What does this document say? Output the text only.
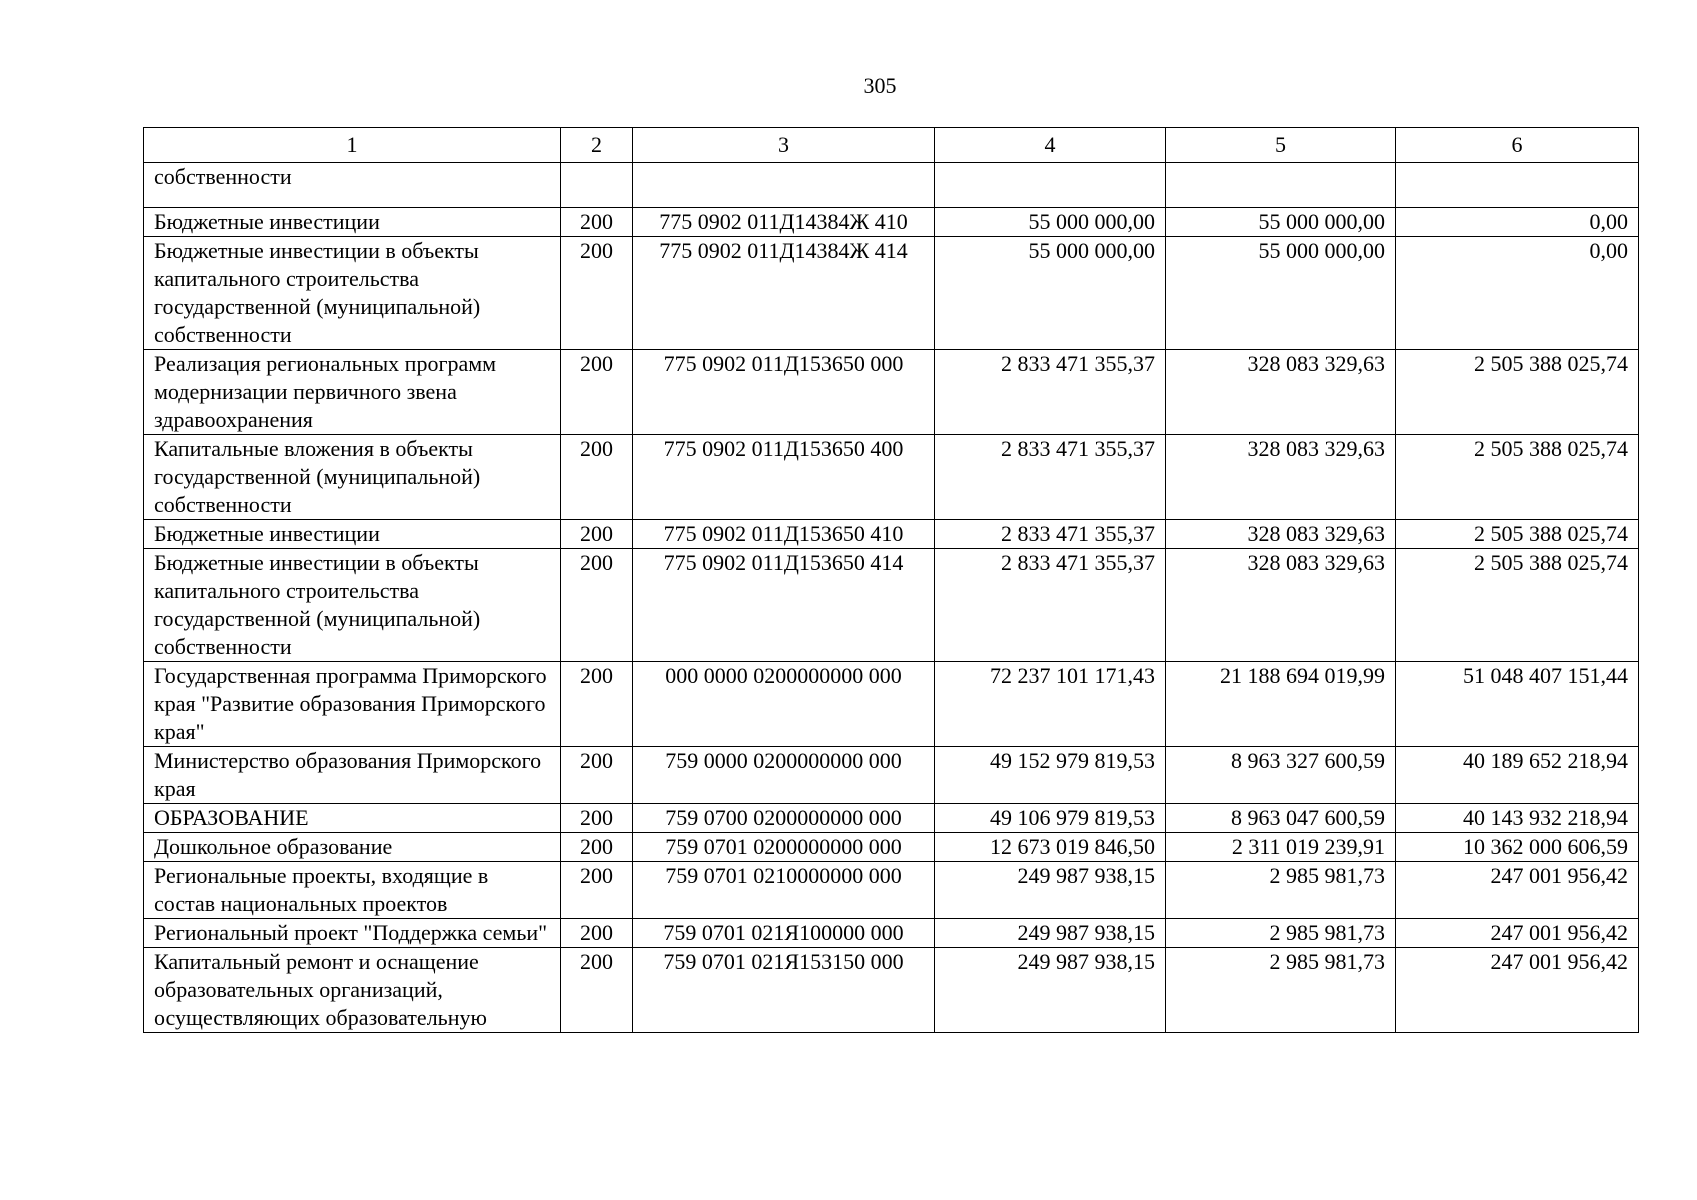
305
1	2	3	4	5	6
собственности					
Бюджетные инвестиции	200	775 0902 011Д14384Ж 410	55 000 000,00	55 000 000,00	0,00
Бюджетные инвестиции в объекты капитального строительства государственной (муниципальной) собственности	200	775 0902 011Д14384Ж 414	55 000 000,00	55 000 000,00	0,00
Реализация региональных программ модернизации первичного звена здравоохранения	200	775 0902 011Д153650 000	2 833 471 355,37	328 083 329,63	2 505 388 025,74
Капитальные вложения в объекты государственной (муниципальной) собственности	200	775 0902 011Д153650 400	2 833 471 355,37	328 083 329,63	2 505 388 025,74
Бюджетные инвестиции	200	775 0902 011Д153650 410	2 833 471 355,37	328 083 329,63	2 505 388 025,74
Бюджетные инвестиции в объекты капитального строительства государственной (муниципальной) собственности	200	775 0902 011Д153650 414	2 833 471 355,37	328 083 329,63	2 505 388 025,74
Государственная программа Приморского края "Развитие образования Приморского края"	200	000 0000 0200000000 000	72 237 101 171,43	21 188 694 019,99	51 048 407 151,44
Министерство образования Приморского края	200	759 0000 0200000000 000	49 152 979 819,53	8 963 327 600,59	40 189 652 218,94
ОБРАЗОВАНИЕ	200	759 0700 0200000000 000	49 106 979 819,53	8 963 047 600,59	40 143 932 218,94
Дошкольное образование	200	759 0701 0200000000 000	12 673 019 846,50	2 311 019 239,91	10 362 000 606,59
Региональные проекты, входящие в состав национальных проектов	200	759 0701 0210000000 000	249 987 938,15	2 985 981,73	247 001 956,42
Региональный проект "Поддержка семьи"	200	759 0701 021Я100000 000	249 987 938,15	2 985 981,73	247 001 956,42
Капитальный ремонт и оснащение образовательных организаций, осуществляющих образовательную	200	759 0701 021Я153150 000	249 987 938,15	2 985 981,73	247 001 956,42
